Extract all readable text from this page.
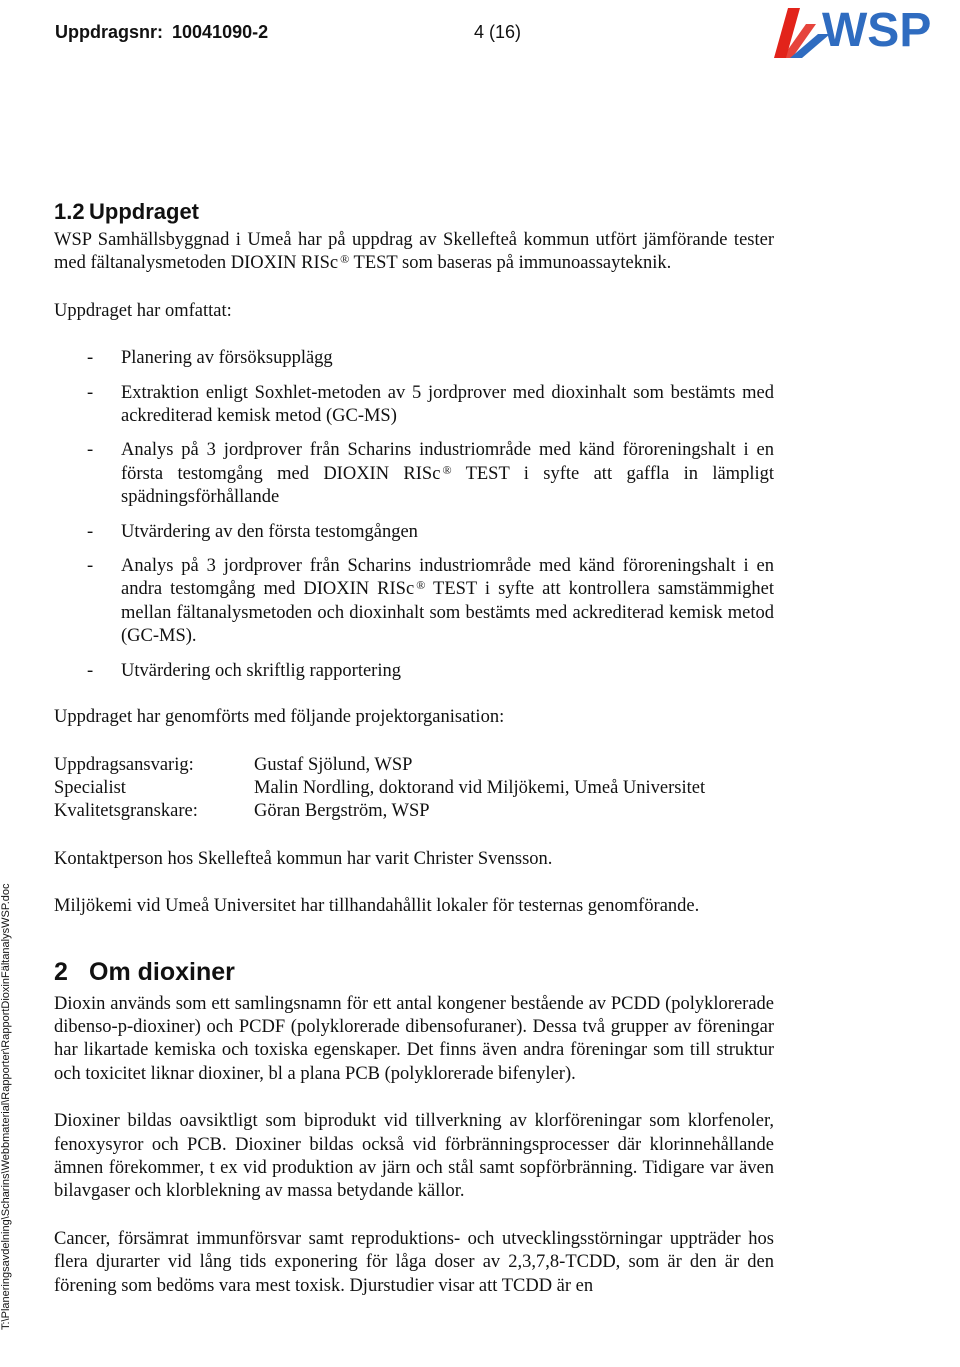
Uppdragsnr: 10041090-2	4 (16)	WSP
T:\Planeringsavdelning\Scharins\Webbmaterial\Rapporter\RapportDioxinFältanalysWSP.doc
1.2 Uppdraget

WSP Samhällsbyggnad i Umeå har på uppdrag av Skellefteå kommun utfört jämförande tester med fältanalysmetoden DIOXIN RISc ® TEST som baseras på immunoassayteknik.

Uppdraget har omfattat:

- Planering av försöksupplägg
- Extraktion enligt Soxhlet-metoden av 5 jordprover med dioxinhalt som bestämts med ackrediterad kemisk metod (GC-MS)
- Analys på 3 jordprover från Scharins industriområde med känd föroreningshalt i en första testomgång med DIOXIN RISc ® TEST i syfte att gaffla in lämpligt spädningsförhållande
- Utvärdering av den första testomgången
- Analys på 3 jordprover från Scharins industriområde med känd föroreningshalt i en andra testomgång med DIOXIN RISc ® TEST i syfte att kontrollera samstämmighet mellan fältanalysmetoden och dioxinhalt som bestämts med ackrediterad kemisk metod (GC-MS).
- Utvärdering och skriftlig rapportering

Uppdraget har genomförts med följande projektorganisation:

Uppdragsansvarig:	Gustaf Sjölund, WSP
Specialist	Malin Nordling, doktorand vid Miljökemi, Umeå Universitet
Kvalitetsgranskare:	Göran Bergström, WSP

Kontaktperson hos Skellefteå kommun har varit Christer Svensson.

Miljökemi vid Umeå Universitet har tillhandahållit lokaler för testernas genomförande.

2 Om dioxiner

Dioxin används som ett samlingsnamn för ett antal kongener bestående av PCDD (polyklorerade dibenso-p-dioxiner) och PCDF (polyklorerade dibensofuraner). Dessa två grupper av föreningar har likartade kemiska och toxiska egenskaper. Det finns även andra föreningar som till struktur och toxicitet liknar dioxiner, bl a plana PCB (polyklorerade bifenyler).

Dioxiner bildas oavsiktligt som biprodukt vid tillverkning av klorföreningar som klorfenoler, fenoxysyror och PCB. Dioxiner bildas också vid förbränningsprocesser där klorinnehållande ämnen förekommer, t ex vid produktion av järn och stål samt sopförbränning. Tidigare var även bilavgaser och klorblekning av massa betydande källor.

Cancer, försämrat immunförsvar samt reproduktions- och utvecklingsstörningar uppträder hos flera djurarter vid lång tids exponering för låga doser av 2,3,7,8-TCDD, som är den är den förening som bedöms vara mest toxisk. Djurstudier visar att TCDD är en
